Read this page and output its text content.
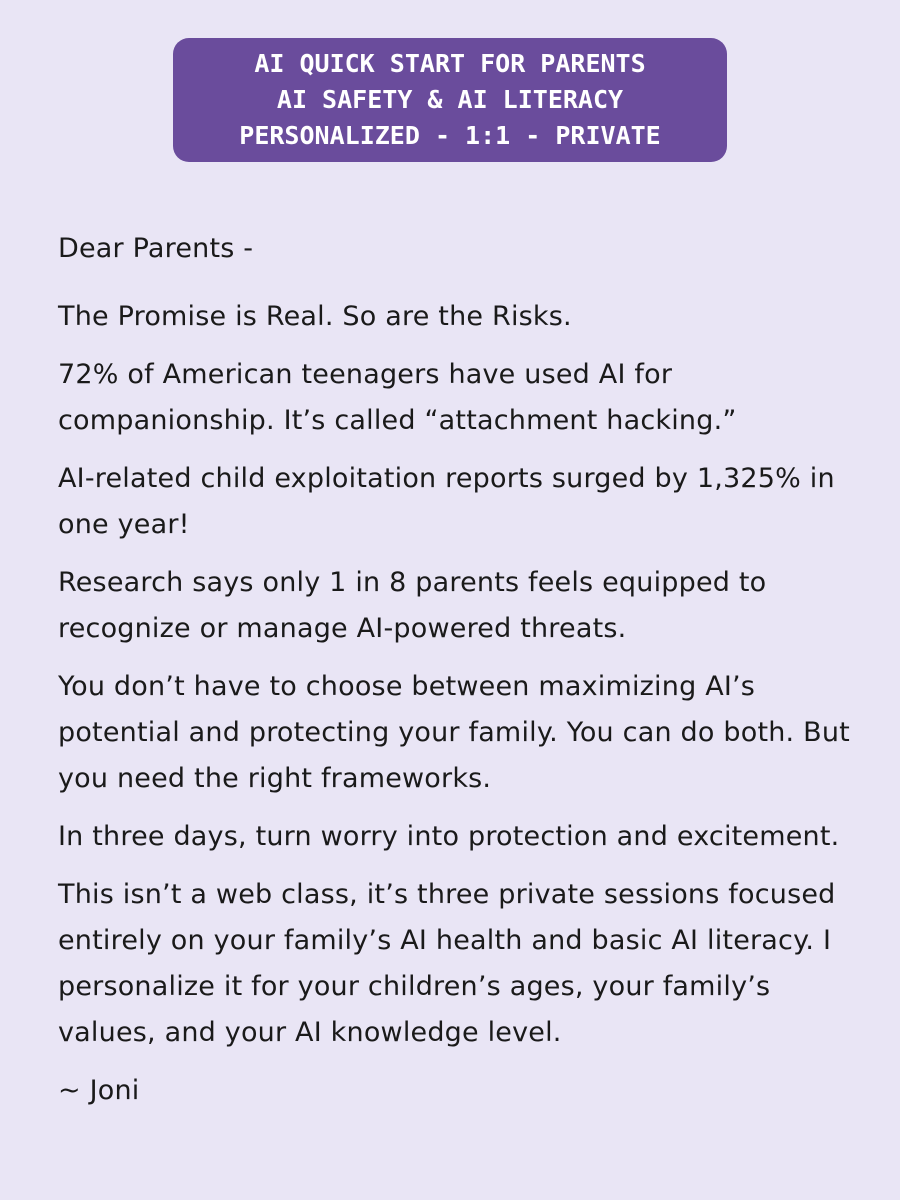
AI QUICK START FOR PARENTS
AI SAFETY & AI LITERACY
PERSONALIZED - 1:1 - PRIVATE

Dear Parents -

The Promise is Real. So are the Risks.

72% of American teenagers have used AI for companionship. It’s called “attachment hacking.”

AI-related child exploitation reports surged by 1,325% in one year!

Research says only 1 in 8 parents feels equipped to recognize or manage AI-powered threats.

You don’t have to choose between maximizing AI’s potential and protecting your family. You can do both. But you need the right frameworks.

In three days, turn worry into protection and excitement.

This isn’t a web class, it’s three private sessions focused entirely on your family’s AI health and basic AI literacy. I personalize it for your children’s ages, your family’s values, and your AI knowledge level.

~ Joni
